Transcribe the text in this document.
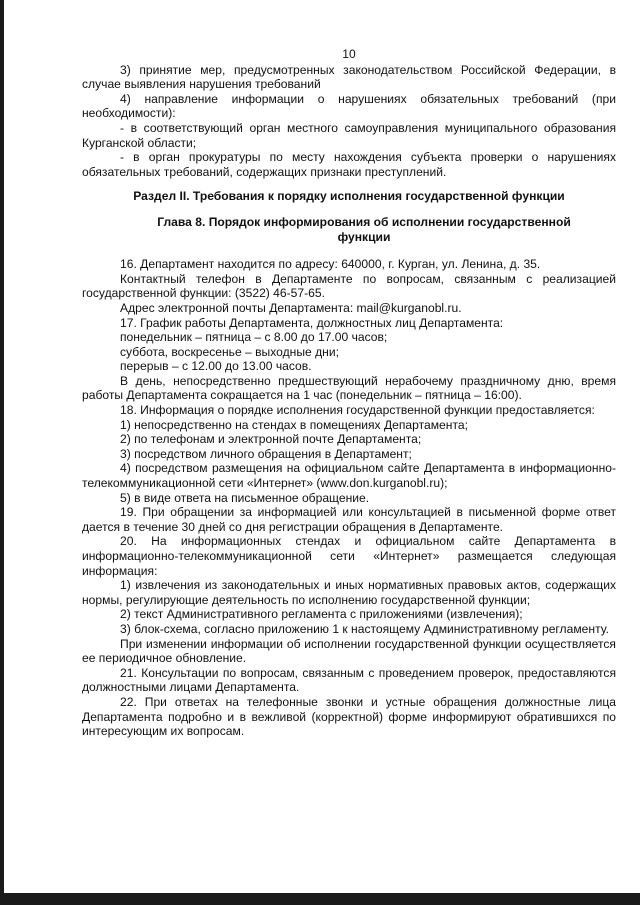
10

3) принятие мер, предусмотренных законодательством Российской Федерации, в случае выявления нарушения требований

4) направление информации о нарушениях обязательных требований (при необходимости):

- в соответствующий орган местного самоуправления муниципального образования Курганской области;

- в орган прокуратуры по месту нахождения субъекта проверки о нарушениях обязательных требований, содержащих признаки преступлений.

Раздел II. Требования к порядку исполнения государственной функции
Глава 8. Порядок информирования об исполнении государственной функции

16. Департамент находится по адресу: 640000, г. Курган, ул. Ленина, д. 35.

Контактный телефон в Департаменте по вопросам, связанным с реализацией государственной функции: (3522) 46-57-65.

Адрес электронной почты Департамента: mail@kurganobl.ru.

17. График работы Департамента, должностных лиц Департамента:

понедельник – пятница – с 8.00 до 17.00 часов;

суббота, воскресенье – выходные дни;

перерыв – с 12.00 до 13.00 часов.

В день, непосредственно предшествующий нерабочему праздничному дню, время работы Департамента сокращается на 1 час (понедельник – пятница – 16:00).

18. Информация о порядке исполнения государственной функции предоставляется:

1) непосредственно на стендах в помещениях Департамента;

2) по телефонам и электронной почте Департамента;

3) посредством личного обращения в Департамент;

4) посредством размещения на официальном сайте Департамента в информационно-телекоммуникационной сети «Интернет» (www.don.kurganobl.ru);

5) в виде ответа на письменное обращение.

19. При обращении за информацией или консультацией в письменной форме ответ дается в течение 30 дней со дня регистрации обращения в Департаменте.

20. На информационных стендах и официальном сайте Департамента в информационно-телекоммуникационной сети «Интернет» размещается следующая информация:

1) извлечения из законодательных и иных нормативных правовых актов, содержащих нормы, регулирующие деятельность по исполнению государственной функции;

2) текст Административного регламента с приложениями (извлечения);

3) блок-схема, согласно приложению 1 к настоящему Административному регламенту.

При изменении информации об исполнении государственной функции осуществляется ее периодичное обновление.

21. Консультации по вопросам, связанным с проведением проверок, предоставляются должностными лицами Департамента.

22. При ответах на телефонные звонки и устные обращения должностные лица Департамента подробно и в вежливой (корректной) форме информируют обратившихся по интересующим их вопросам.
